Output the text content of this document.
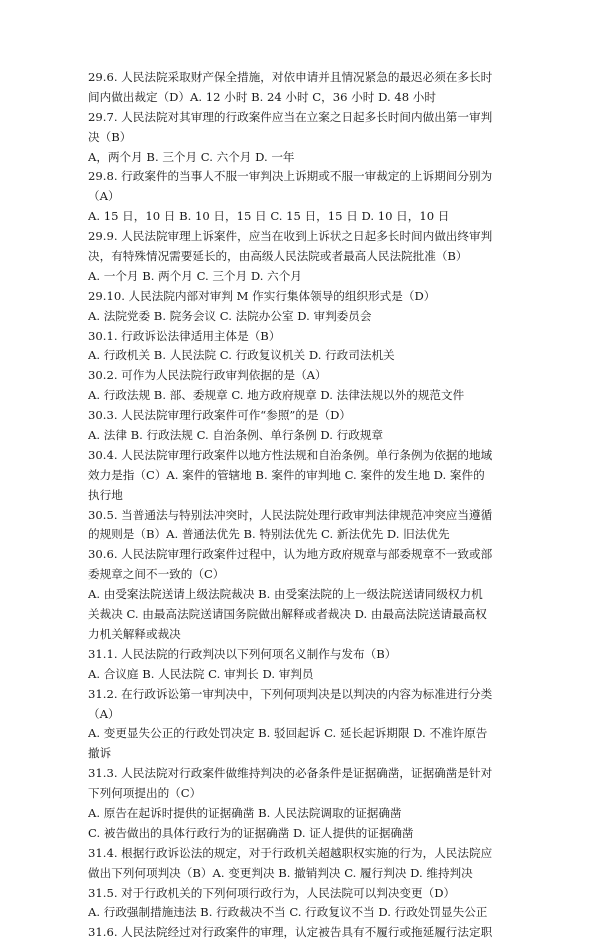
29.6. 人民法院采取财产保全措施，对依申请并且情况紧急的最迟必须在多长时
间内做出裁定（D）A. 12 小时 B. 24 小时 C，36 小时 D. 48 小时
29.7. 人民法院对其审理的行政案件应当在立案之日起多长时间内做出第一审判
决（B）
A，两个月 B. 三个月 C. 六个月 D. 一年
29.8. 行政案件的当事人不服一审判决上诉期或不服一审裁定的上诉期间分别为
（A）
A. 15 日，10 日 B. 10 日，15 日 C. 15 日，15 日 D. 10 日，10 日
29.9. 人民法院审理上诉案件，应当在收到上诉状之日起多长时间内做出终审判
决，有特殊情况需要延长的，由高级人民法院或者最高人民法院批准（B）
A. 一个月 B. 两个月 C. 三个月 D. 六个月
29.10. 人民法院内部对审判 M 作实行集体领导的组织形式是（D）
A. 法院党委 B. 院务会议 C. 法院办公室 D. 审判委员会
30.1. 行政诉讼法律适用主体是（B）
A. 行政机关 B. 人民法院 C. 行政复议机关 D. 行政司法机关
30.2. 可作为人民法院行政审判依据的是（A）
A. 行政法规 B. 部、委规章 C. 地方政府规章 D. 法律法规以外的规范文件
30.3. 人民法院审理行政案件可作“参照”的是（D）
A. 法律 B. 行政法规 C. 自治条例、单行条例 D. 行政规章
30.4. 人民法院审理行政案件以地方性法规和自治条例。单行条例为依据的地域
效力是指（C）A. 案件的管辖地 B. 案件的审判地 C. 案件的发生地 D. 案件的
执行地
30.5. 当普通法与特别法冲突时，人民法院处理行政审判法律规范冲突应当遵循
的规则是（B）A. 普通法优先 B. 特别法优先 C. 新法优先 D. 旧法优先
30.6. 人民法院审理行政案件过程中，认为地方政府规章与部委规章不一致或部
委规章之间不一致的（C）
A. 由受案法院送请上级法院裁决 B. 由受案法院的上一级法院送请同级权力机
关裁决 C. 由最高法院送请国务院做出解释或者裁决 D. 由最高法院送请最高权
力机关解释或裁决
31.1. 人民法院的行政判决以下列何项名义制作与发布（B）
A. 合议庭 B. 人民法院 C. 审判长 D. 审判员
31.2. 在行政诉讼第一审判决中，下列何项判决是以判决的内容为标准进行分类
（A）
A. 变更显失公正的行政处罚决定 B. 驳回起诉 C. 延长起诉期限 D. 不准许原告
撤诉
31.3. 人民法院对行政案件做维持判决的必备条件是证据确凿，证据确凿是针对
下列何项提出的（C）
A. 原告在起诉时提供的证据确凿 B. 人民法院调取的证据确凿
C. 被告做出的具体行政行为的证据确凿 D. 证人提供的证据确凿
31.4. 根据行政诉讼法的规定，对于行政机关超越职权实施的行为，人民法院应
做出下列何项判决（B）A. 变更判决 B. 撤销判决 C. 履行判决 D. 维持判决
31.5. 对于行政机关的下列何项行政行为，人民法院可以判决变更（D）
A. 行政强制措施违法 B. 行政裁决不当 C. 行政复议不当 D. 行政处罚显失公正
31.6. 人民法院经过对行政案件的审理，认定被告具有不履行或拖延履行法定职
